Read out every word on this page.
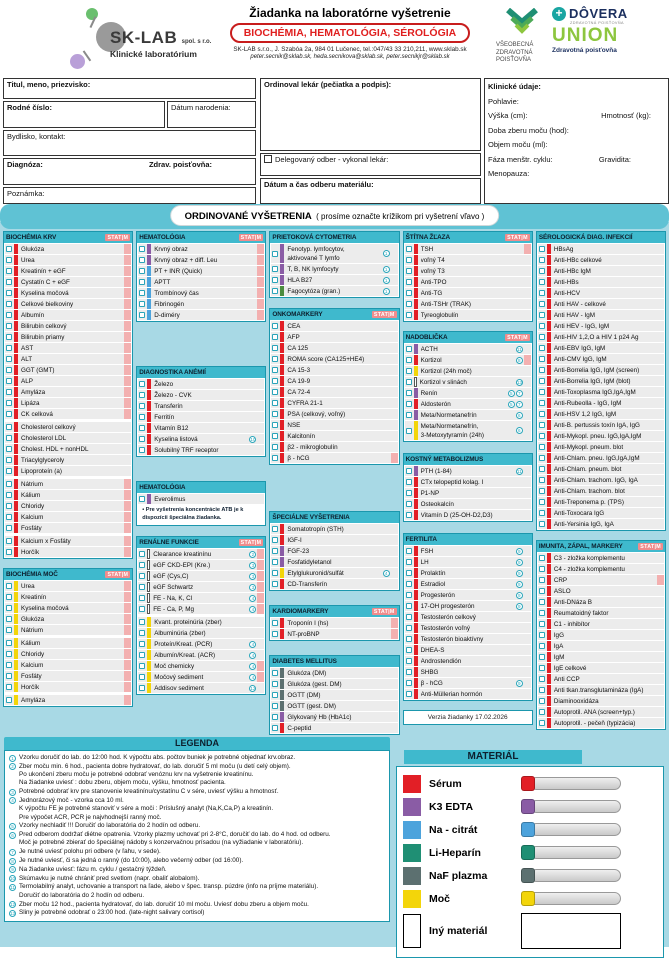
SK-LAB spol. s r.o.
Klinické laboratórium
Žiadanka na laboratórne vyšetrenie
BIOCHÉMIA, HEMATOLÓGIA, SÉROLÓGIA
SK-LAB s.r.o., J. Szabóa 2a, 984 01 Lučenec, tel.:047/43 33 210,211, www.sklab.sk
peter.secnik@sklab.sk, heda.secnikova@sklab.sk, peter.secnikjr@sklab.sk
VŠEOBECNÁ ZDRAVOTNÁ POISŤOVŇA
+ DÔVERA
ZDRAVOTNÁ POISŤOVŇA
UNION
Zdravotná poisťovňa
Titul, meno, priezvisko:
Rodné číslo:	Dátum narodenia:
Bydlisko, kontakt:
Diagnóza:	Zdrav. poisťovňa:
Poznámka:
Ordinoval lekár (pečiatka a podpis):
Delegovaný odber - vykonal lekár:
Dátum a čas odberu materiálu:
Klinické údaje:
Pohlavie:
Výška (cm):	Hmotnosť (kg):
Doba zberu moču (hod):
Objem moču (ml):
Fáza menštr. cyklu:	Gravidita:
Menopauza:
ORDINOVANÉ VYŠETRENIA ( prosíme označte krížikom pri vyšetrení vľavo )
BIOCHÉMIA KRV	STAT|M
Glukóza
Urea
Kreatinín + eGF
Cystatín C + eGF
Kyselina močová
Celkové bielkoviny
Albumín
Bilirubín celkový
Bilirubín priamy
AST
ALT
GGT (GMT)
ALP
Amyláza
Lipáza
CK celková
Cholesterol celkový
Cholesterol LDL
Cholest. HDL + nonHDL
Triacylglyceroly
Lipoproteín (a)
Nátrium
Kálium
Chloridy
Kalcium
Fosfáty
Kalcium x Fosfáty
Horčík
BIOCHÉMIA MOČ	STAT|M
Urea
Kreatinín
Kyselina močová
Glukóza
Nátrium
Kálium
Chloridy
Kalcium
Fosfáty
Horčík
Amyláza
HEMATOLÓGIA	STAT|M
Krvný obraz
Krvný obraz + diff. Leu
PT + INR (Quick)
APTT
Trombínový čas
Fibrinogén
D-diméry
DIAGNOSTIKA ANÉMIÍ
Železo
Železo - CVK
Transferín
Ferritín
Vitamín B12
Kyselina listová	10
Solubilný TRF receptor
HEMATOLÓGIA
Everolimus
• Pre vyšetrenia koncentrácie ATB je k dispozícii špeciálna žiadanka.
RENÁLNE FUNKCIE	STAT|M
Clearance kreatinínu	2
eGF CKD-EPI (Kre.)	3
eGF (Cys,C)	3
eGF Schwartz	3
FE - Na, K, Cl	4
FE - Ca, P, Mg	4
Kvant. proteinúria (zber)
Albuminúria (zber)
Proteín/Kreat. (PCR)	4
Albumín/Kreat. (ACR)	4
Moč chemicky	4
Močový sediment	4
Addisov sediment	12
PRIETOKOVÁ CYTOMETRIA
Fenotyp. lymfocytov,
aktivované T lymfo
1
T, B, NK lymfocyty	1
HLA B27	1
Fagocytóza (gran.)	1
ONKOMARKERY	STAT|M
CEA
AFP
CA 125
ROMA score (CA125+HE4)
CA 15-3
CA 19-9
CA 72-4
CYFRA 21-1
PSA (celkový, voľný)
NSE
Kalcitonín
β2 - mikroglobulín
β - hCG
ŠPECIÁLNE VYŠETRENIA
Somatotropín (STH)
IGF-I
FGF-23
Fosfatidyletanol
Etylglukuronid/sulfát	4
CD-Transferín
KARDIOMARKERY	STAT|M
Troponín I (hs)
NT-proBNP
DIABETES MELLITUS
Glukóza (DM)
Glukóza (gest. DM)
OGTT (DM)
OGTT (gest. DM)
Glykovaný Hb (HbA1c)
C-peptid
ŠTÍTNA ŽĽAZA	STAT|M
TSH
voľný T4
voľný T3
Anti-TPO
Anti-TG
Anti-TSHr (TRAK)
Tyreoglobulín
NADOBLIČKA	STAT|M
ACTH	11
Kortizol	8
Kortizol (24h moč)
Kortizol v slinách	13
Renín	5	7
Aldosterón	5	7
Meta/Normetanefrín	6
Meta/Normetanefrín,
3-Metoxytyramín (24h)
6
KOSTNÝ METABOLIZMUS
PTH (1-84)	11
CTx telopeptid kolag. I
P1-NP
Osteokalcín
Vitamín D (25-OH-D2,D3)
FERTILITA
FSH	9
LH	9
Prolaktín	9
Estradiol	9
Progesterón	9
17-OH progesterón	9
Testosterón celkový
Testosterón voľný
Testosterón bioaktívny
DHEA-S
Androstendión
SHBG
β - hCG	9
Anti-Müllerian hormón
Verzia žiadanky 17.02.2026
SÉROLOGICKÁ DIAG. INFEKCIÍ
HBsAg
Anti-HBc celkové
Anti-HBc IgM
Anti-HBs
Anti-HCV
Anti HAV - celkové
Anti HAV - IgM
Anti HEV - IgG, IgM
Anti-HIV 1,2,O a HIV 1 p24 Ag
Anti-EBV IgG, IgM
Anti-CMV IgG, IgM
Anti-Borrelia IgG, IgM (screen)
Anti-Borrelia IgG, IgM (blot)
Anti-Toxoplasma IgG,IgA,IgM
Anti-Rubeolla - IgG, IgM
Anti-HSV 1,2 IgG, IgM
Anti-B. pertussis toxín IgA, IgG
Anti-Mykopl. pneu. IgG,IgA,IgM
Anti-Mykopl. pneum. blot
Anti-Chlam. pneu. IgG,IgA,IgM
Anti-Chlam. pneum. blot
Anti-Chlam. trachom. IgG, IgA
Anti-Chlam. trachom. blot
Anti-Treponema p. (TPS)
Anti-Toxocara IgG
Anti-Yersinia IgG, IgA
IMUNITA, ZÁPAL, MARKERY	STAT|M
C3 - zložka komplementu
C4 - zložka komplementu
CRP
ASLO
Anti-DNáza B
Reumatoidný faktor
C1 - inhibítor
IgG
IgA
IgM
IgE celkové
Anti CCP
Anti tkan.transglutamináza (IgA)
Diaminooxidáza
Autoprotil. ANA (screen+typ.)
Autoprotil. - pečeň (typizácia)
LEGENDA
1 Vzorku doručiť do lab. do 12:00 hod. K výpočtu abs. počtov buniek je potrebné objednať krv.obraz.
2 Zber moču min. 6 hod., pacienta dobre hydratovať, do lab. doručiť 5 ml moču (u detí celý objem).
Po ukončení zberu moču je potrebné odobrať venóznu krv na vyšetrenie kreatinínu.
Na žiadanke uviesť : dobu zberu, objem moču, výšku, hmotnosť pacienta.
3 Potrebné odobrať krv pre stanovenie kreatinínu/cystatínu C v sére, uviesť výšku a hmotnosť.
4 Jednorázový moč - vzorka cca 10 ml.
K výpočtu FE je potrebné stanoviť v sére a moči : Príslušný analyt (Na,K,Ca,P) a kreatinín.
Pre výpočet ACR, PCR je najvhodnejší ranný moč.
5 Vzorky nechladiť !!! Doručiť do laboratória do 2 hodín od odberu.
6 Pred odberom dodržať diétne opatrenia. Vzorky plazmy uchovať pri 2-8°C, doručiť do lab. do 4 hod. od odberu.
Moč je potrebné zbierať do špeciálnej nádoby s konzervačnou prísadou (na vyžiadanie v laboratóriu).
7 Je nutné uviesť polohu pri odbere (v ľahu, v sede).
8 Je nutné uviesť, či sa jedná o ranný (do 10:00), alebo večerný odber (od 16:00).
9 Na žiadanke uviesť: fázu m. cyklu / gestačný týždeň.
10 Skúmavku je nutné chrániť pred svetlom (napr. obaliť alobalom).
11 Termolabilný analyt, uchovanie a transport na ľade, alebo v špec. transp. púzdre (info na príjme materiálu).
Doručiť do laboratória do 2 hodín od odberu.
12 Zber moču 12 hod., pacienta hydratovať, do lab. doručiť 10 ml moču. Uviesť dobu zberu a objem moču.
13 Sliny je potrebné odobrať o 23:00 hod. (late-night salivary cortisol)
MATERIÁL
Sérum
K3 EDTA
Na - citrát
Li-Heparín
NaF plazma
Moč
Iný materiál
